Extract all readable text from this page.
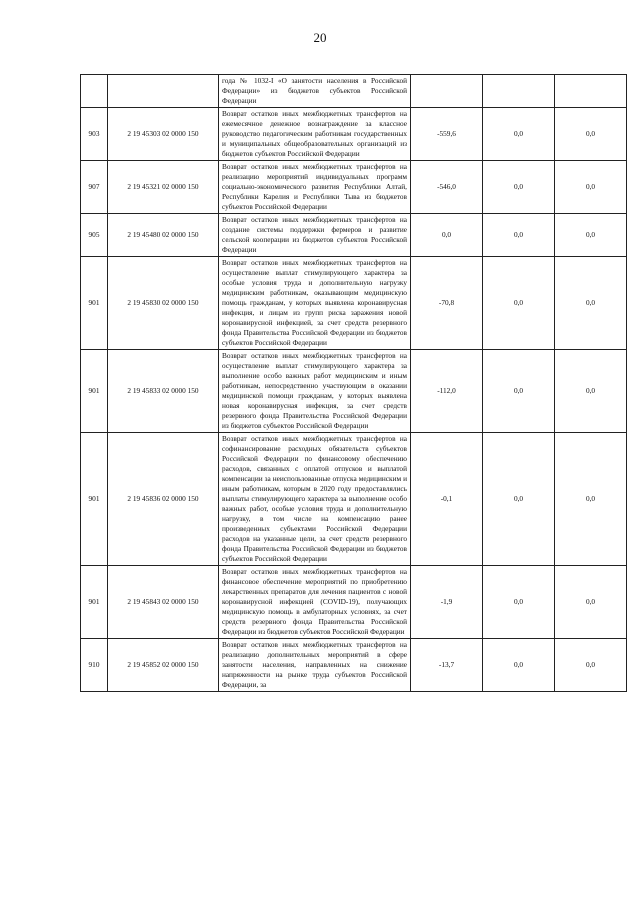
20
		года № 1032-I «О занятости населения в Российской Федерации» из бюджетов субъектов Российской Федерации			
903	2 19 45303 02 0000 150	Возврат остатков иных межбюджетных трансфертов на ежемесячное денежное вознаграждение за классное руководство педагогическим работникам государственных и муниципальных общеобразовательных организаций из бюджетов субъектов Российской Федерации	-559,6	0,0	0,0
907	2 19 45321 02 0000 150	Возврат остатков иных межбюджетных трансфертов на реализацию мероприятий индивидуальных программ социально-экономического развития Республики Алтай, Республики Карелия и Республики Тыва из бюджетов субъектов Российской Федерации	-546,0	0,0	0,0
905	2 19 45480 02 0000 150	Возврат остатков иных межбюджетных трансфертов на создание системы поддержки фермеров и развитие сельской кооперации из бюджетов субъектов Российской Федерации	0,0	0,0	0,0
901	2 19 45830 02 0000 150	Возврат остатков иных межбюджетных трансфертов на осуществление выплат стимулирующего характера за особые условия труда и дополнительную нагрузку медицинским работникам, оказывающим медицинскую помощь гражданам, у которых выявлена коронавирусная инфекция, и лицам из групп риска заражения новой коронавирусной инфекцией, за счет средств резервного фонда Правительства Российской Федерации из бюджетов субъектов Российской Федерации	-70,8	0,0	0,0
901	2 19 45833 02 0000 150	Возврат остатков иных межбюджетных трансфертов на осуществление выплат стимулирующего характера за выполнение особо важных работ медицинским и иным работникам, непосредственно участвующим в оказании медицинской помощи гражданам, у которых выявлена новая коронавирусная инфекция, за счет средств резервного фонда Правительства Российской Федерации из бюджетов субъектов Российской Федерации	-112,0	0,0	0,0
901	2 19 45836 02 0000 150	Возврат остатков иных межбюджетных трансфертов на софинансирование расходных обязательств субъектов Российской Федерации по финансовому обеспечению расходов, связанных с оплатой отпусков и выплатой компенсации за неиспользованные отпуска медицинским и иным работникам, которым в 2020 году предоставлялись выплаты стимулирующего характера за выполнение особо важных работ, особые условия труда и дополнительную нагрузку, в том числе на компенсацию ранее произведенных субъектами Российской Федерации расходов на указанные цели, за счет средств резервного фонда Правительства Российской Федерации из бюджетов субъектов Российской Федерации	-0,1	0,0	0,0
901	2 19 45843 02 0000 150	Возврат остатков иных межбюджетных трансфертов на финансовое обеспечение мероприятий по приобретению лекарственных препаратов для лечения пациентов с новой коронавирусной инфекцией (COVID-19), получающих медицинскую помощь в амбулаторных условиях, за счет средств резервного фонда Правительства Российской Федерации из бюджетов субъектов Российской Федерации	-1,9	0,0	0,0
910	2 19 45852 02 0000 150	Возврат остатков иных межбюджетных трансфертов на реализацию дополнительных мероприятий в сфере занятости населения, направленных на снижение напряженности на рынке труда субъектов Российской Федерации, за	-13,7	0,0	0,0
